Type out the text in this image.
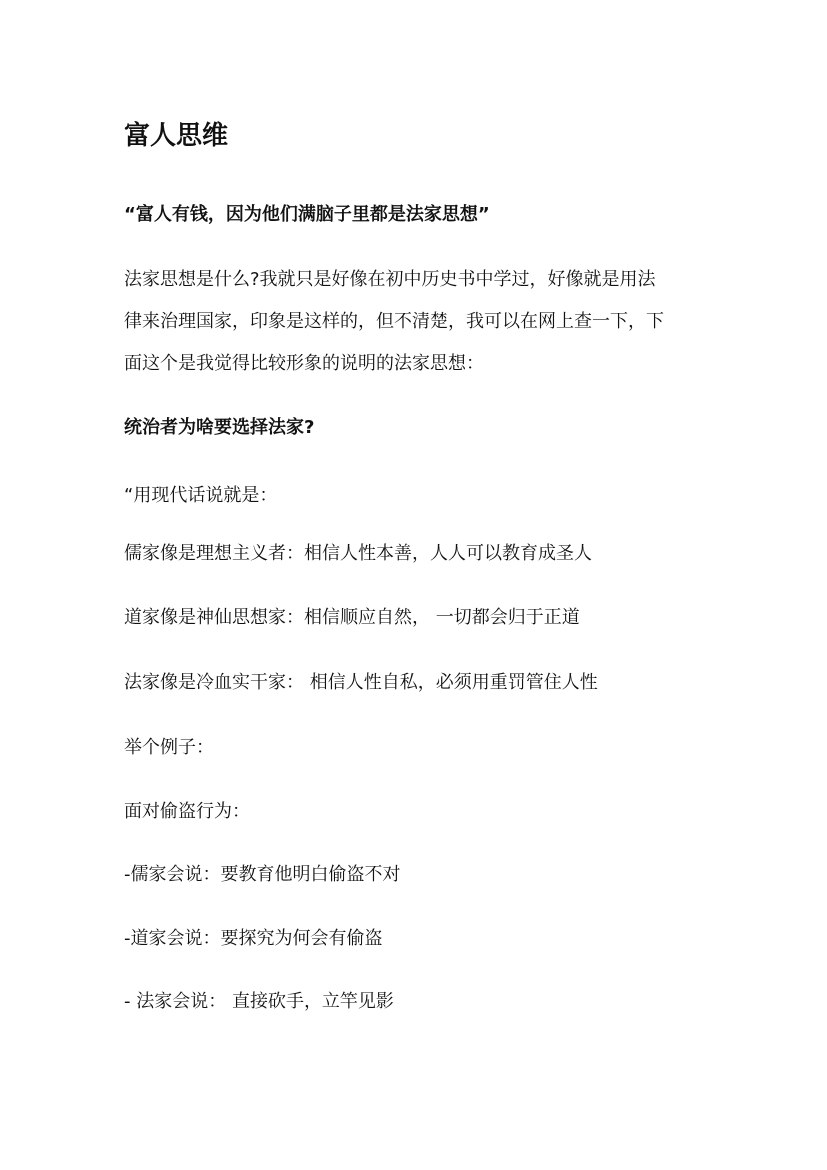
富人思维
“富人有钱，因为他们满脑子里都是法家思想”
法家思想是什么?我就只是好像在初中历史书中学过，好像就是用法
律来治理国家，印象是这样的，但不清楚，我可以在网上查一下，下
面这个是我觉得比较形象的说明的法家思想：
统治者为啥要选择法家?
“用现代话说就是：
儒家像是理想主义者：相信人性本善，人人可以教育成圣人
道家像是神仙思想家：相信顺应自然， 一切都会归于正道
法家像是冷血实干家： 相信人性自私，必须用重罚管住人性
举个例子：
面对偷盗行为：
-儒家会说：要教育他明白偷盗不对
-道家会说：要探究为何会有偷盗
- 法家会说： 直接砍手，立竿见影
